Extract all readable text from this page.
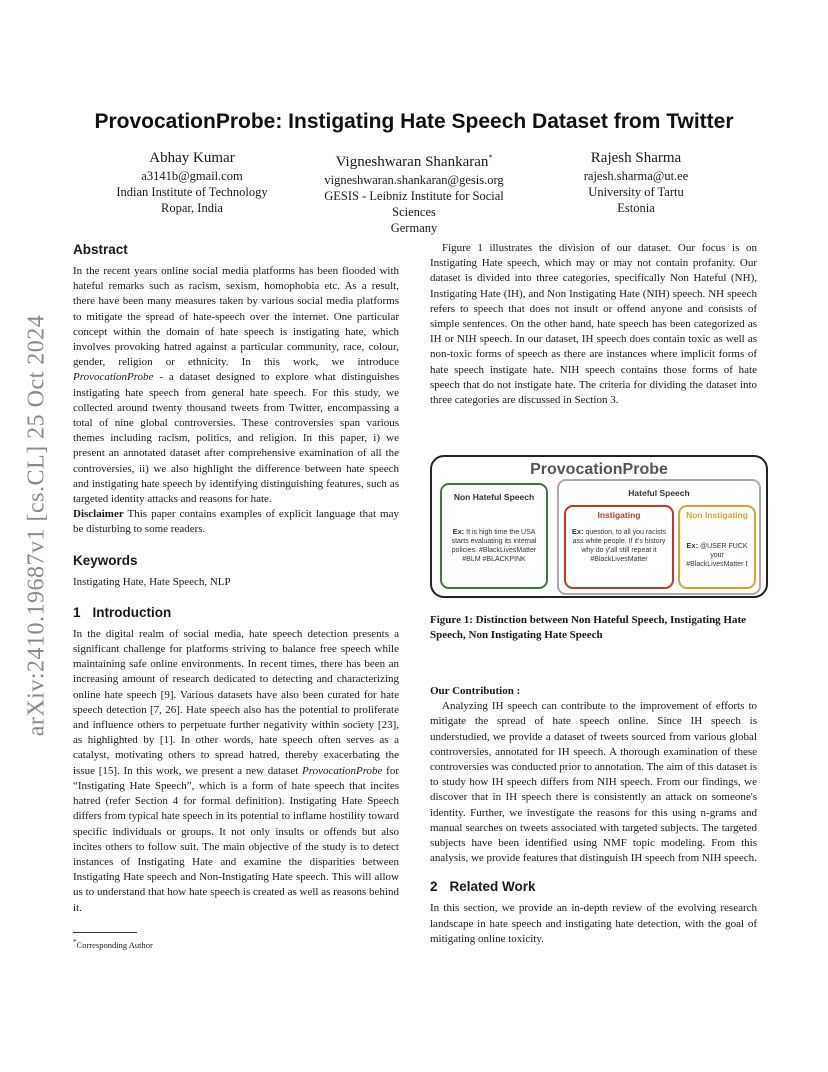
arXiv:2410.19687v1 [cs.CL] 25 Oct 2024
ProvocationProbe: Instigating Hate Speech Dataset from Twitter
Abhay Kumar
a3141b@gmail.com
Indian Institute of Technology
Ropar, India
Vigneshwaran Shankaran*
vigneshwaran.shankaran@gesis.org
GESIS - Leibniz Institute for Social
Sciences
Germany
Rajesh Sharma
rajesh.sharma@ut.ee
University of Tartu
Estonia
Abstract

In the recent years online social media platforms has been flooded with hateful remarks such as racism, sexism, homophobia etc. As a result, there have been many measures taken by various social media platforms to mitigate the spread of hate-speech over the internet. One particular concept within the domain of hate speech is instigating hate, which involves provoking hatred against a particular community, race, colour, gender, religion or ethnicity. In this work, we introduce ProvocationProbe - a dataset designed to explore what distinguishes instigating hate speech from general hate speech. For this study, we collected around twenty thousand tweets from Twitter, encompassing a total of nine global controversies. These controversies span various themes including racism, politics, and religion. In this paper, i) we present an annotated dataset after comprehensive examination of all the controversies, ii) we also highlight the difference between hate speech and instigating hate speech by identifying distinguishing features, such as targeted identity attacks and reasons for hate.

Disclaimer This paper contains examples of explicit language that may be disturbing to some readers.

Keywords

Instigating Hate, Hate Speech, NLP

1 Introduction

In the digital realm of social media, hate speech detection presents a significant challenge for platforms striving to balance free speech while maintaining safe online environments. In recent times, there has been an increasing amount of research dedicated to detecting and characterizing online hate speech [9]. Various datasets have also been curated for hate speech detection [7, 26]. Hate speech also has the potential to proliferate and influence others to perpetuate further negativity within society [23], as highlighted by [1]. In other words, hate speech often serves as a catalyst, motivating others to spread hatred, thereby exacerbating the issue [15]. In this work, we present a new dataset ProvocationProbe for “Instigating Hate Speech”, which is a form of hate speech that incites hatred (refer Section 4 for formal definition). Instigating Hate Speech differs from typical hate speech in its potential to inflame hostility toward specific individuals or groups. It not only insults or offends but also incites others to follow suit. The main objective of the study is to detect instances of Instigating Hate and examine the disparities between Instigating Hate speech and Non-Instigating Hate speech. This will allow us to understand that how hate speech is created as well as reasons behind it.

*Corresponding Author

Figure 1 illustrates the division of our dataset. Our focus is on Instigating Hate speech, which may or may not contain profanity. Our dataset is divided into three categories, specifically Non Hateful (NH), Instigating Hate (IH), and Non Instigating Hate (NIH) speech. NH speech refers to speech that does not insult or offend anyone and consists of simple sentences. On the other hand, hate speech has been categorized as IH or NIH speech. In our dataset, IH speech does contain toxic as well as non-toxic forms of speech as there are instances where implicit forms of hate speech instigate hate. NIH speech contains those forms of hate speech that do not instigate hate. The criteria for dividing the dataset into three categories are discussed in Section 3.

ProvocationProbe
Non Hateful Speech
Ex: It is high time the USA starts evaluating its internal policies. #BlackLivesMatter #BLM #BLACKPINK
Hateful Speech
Instigating
Ex: question, to all you racists ass white people. If it's history why do y'all still repeat it #BlackLivesMatter
Non Instigating
Ex: @USER FUCK your #BlackLivesMatter !
Figure 1: Distinction between Non Hateful Speech, Instigating Hate Speech, Non Instigating Hate Speech

Our Contribution :

Analyzing IH speech can contribute to the improvement of efforts to mitigate the spread of hate speech online. Since IH speech is understudied, we provide a dataset of tweets sourced from various global controversies, annotated for IH speech. A thorough examination of these controversies was conducted prior to annotation. The aim of this dataset is to study how IH speech differs from NIH speech. From our findings, we discover that in IH speech there is consistently an attack on someone's identity. Further, we investigate the reasons for this using n-grams and manual searches on tweets associated with targeted subjects. The targeted subjects have been identified using NMF topic modeling. From this analysis, we provide features that distinguish IH speech from NIH speech.

2 Related Work

In this section, we provide an in-depth review of the evolving research landscape in hate speech and instigating hate detection, with the goal of mitigating online toxicity.
